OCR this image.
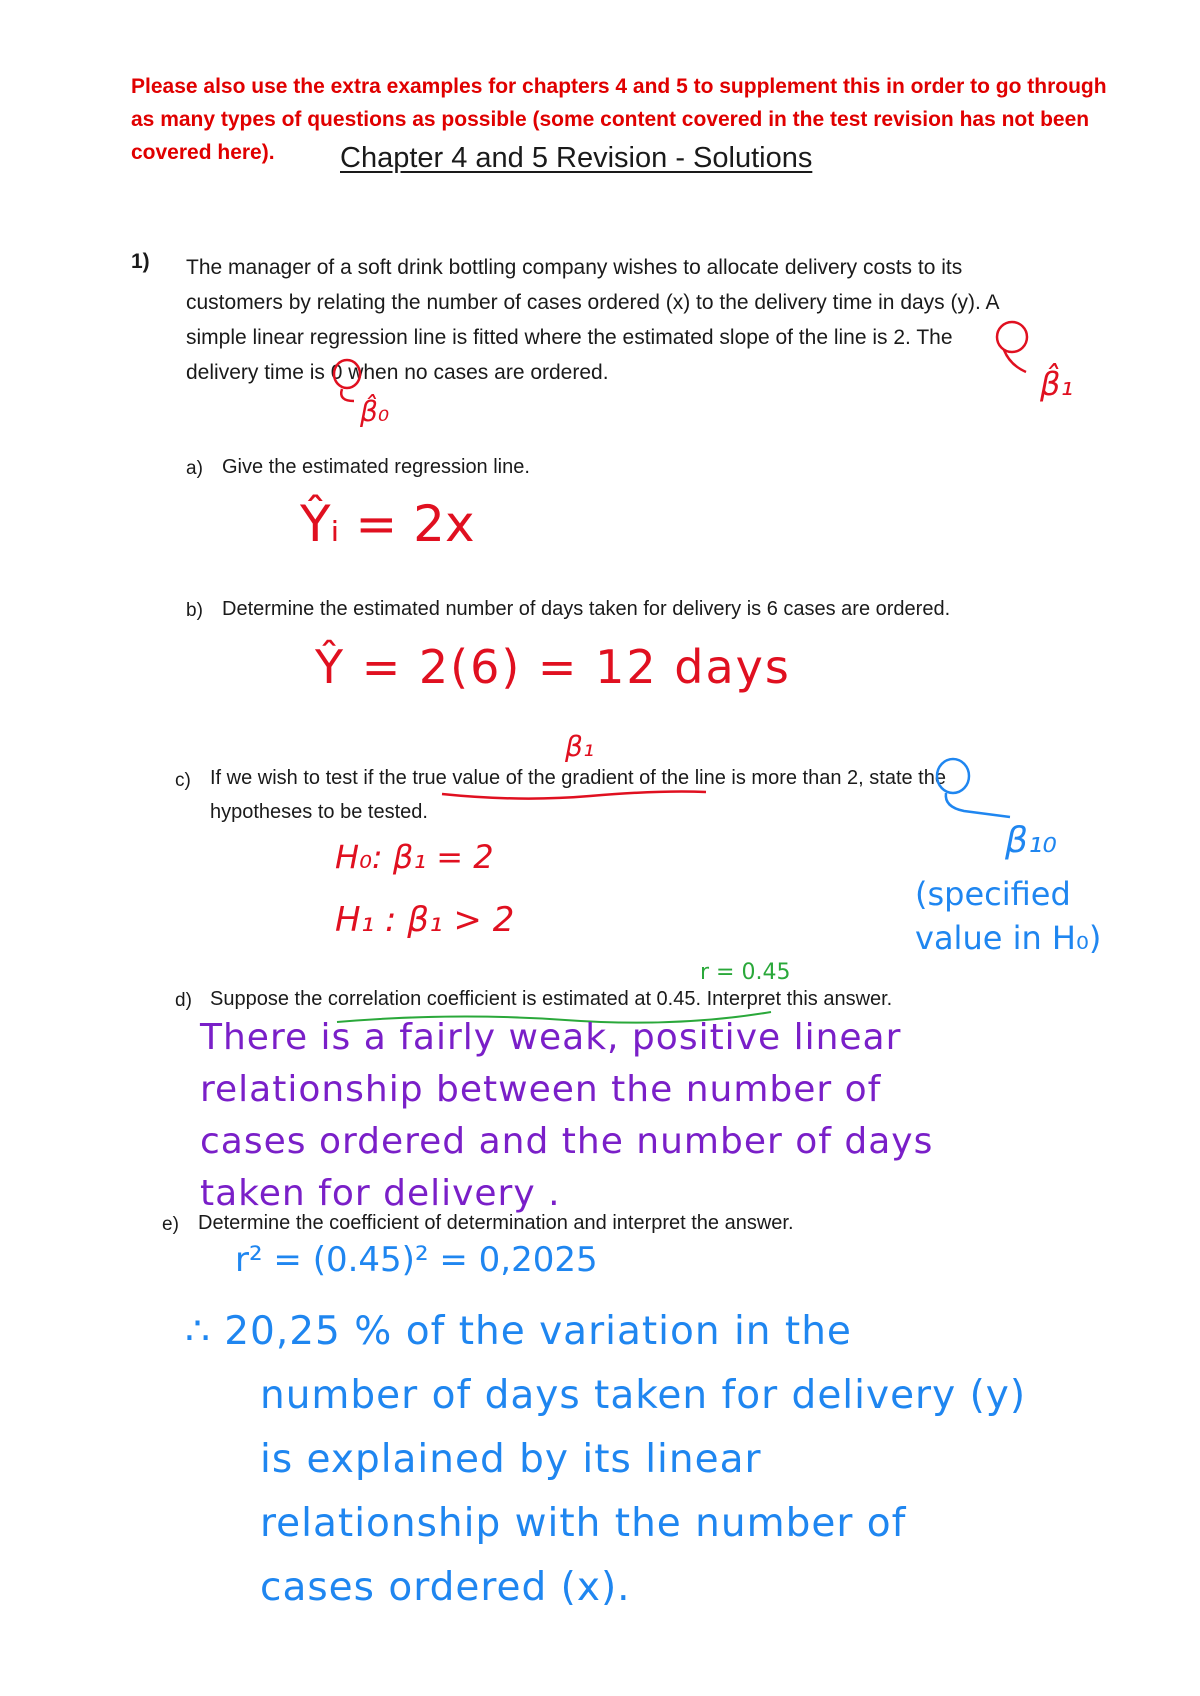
Please also use the extra examples for chapters 4 and 5 to supplement this in order to go through
as many types of questions as possible (some content covered in the test revision has not been
covered here).	Chapter 4 and 5 Revision - Solutions
1) The manager of a soft drink bottling company wishes to allocate delivery costs to its
customers by relating the number of cases ordered (x) to the delivery time in days (y). A
simple linear regression line is fitted where the estimated slope of the line is 2. The
delivery time is 0 when no cases are ordered.	β̂₁
β̂₀
a) Give the estimated regression line.
Ŷᵢ = 2x
b) Determine the estimated number of days taken for delivery is 6 cases are ordered.
Ŷ = 2(6) = 12 days
β₁
c) If we wish to test if the true value of the gradient of the line is more than 2, state the
hypotheses to be tested.
H₀: β₁ = 2
H₁ : β₁ > 2
β₁₀
(specified
value in H₀)
r = 0.45
d) Suppose the correlation coefficient is estimated at 0.45. Interpret this answer.
There is a fairly weak, positive linear
relationship between the number of
cases ordered and the number of days
taken for delivery .
e) Determine the coefficient of determination and interpret the answer.
r² = (0.45)² = 0,2025
∴ 20,25 % of the variation in the
number of days taken for delivery (y)
is explained by its linear
relationship with the number of
cases ordered (x).
